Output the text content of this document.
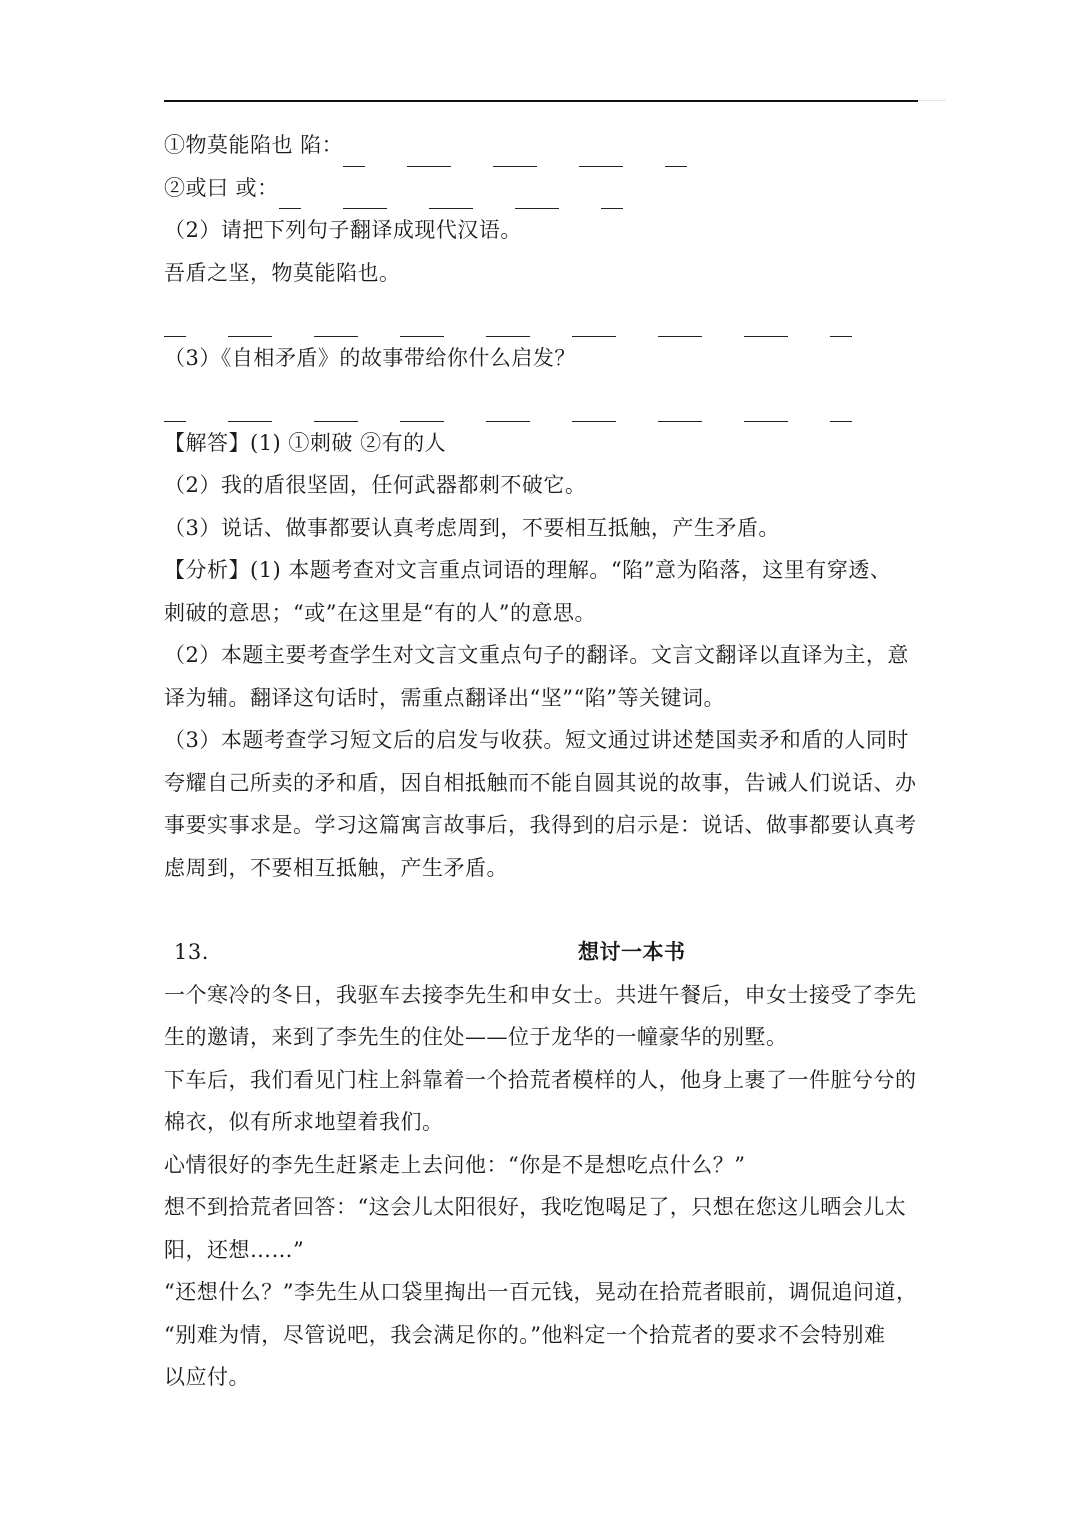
①物莫能陷也 陷：
②或曰 或：
（2）请把下列句子翻译成现代汉语。
吾盾之坚，物莫能陷也。
（3）《自相矛盾》的故事带给你什么启发？
【解答】(1) ①刺破 ②有的人
（2）我的盾很坚固，任何武器都刺不破它。
（3）说话、做事都要认真考虑周到，不要相互抵触，产生矛盾。
【分析】(1) 本题考查对文言重点词语的理解。“陷”意为陷落，这里有穿透、
刺破的意思；“或”在这里是“有的人”的意思。
（2）本题主要考查学生对文言文重点句子的翻译。文言文翻译以直译为主，意
译为辅。翻译这句话时，需重点翻译出“坚”“陷”等关键词。
（3）本题考查学习短文后的启发与收获。短文通过讲述楚国卖矛和盾的人同时
夸耀自己所卖的矛和盾，因自相抵触而不能自圆其说的故事，告诫人们说话、办
事要实事求是。学习这篇寓言故事后，我得到的启示是：说话、做事都要认真考
虑周到，不要相互抵触，产生矛盾。
13.	想讨一本书
一个寒冷的冬日，我驱车去接李先生和申女士。共进午餐后，申女士接受了李先
生的邀请，来到了李先生的住处——位于龙华的一幢豪华的别墅。
下车后，我们看见门柱上斜靠着一个拾荒者模样的人，他身上裹了一件脏兮兮的
棉衣，似有所求地望着我们。
心情很好的李先生赶紧走上去问他：“你是不是想吃点什么？”
想不到拾荒者回答：“这会儿太阳很好，我吃饱喝足了，只想在您这儿晒会儿太
阳，还想……”
“还想什么？”李先生从口袋里掏出一百元钱，晃动在拾荒者眼前，调侃追问道，
“别难为情，尽管说吧，我会满足你的。”他料定一个拾荒者的要求不会特别难
以应付。
